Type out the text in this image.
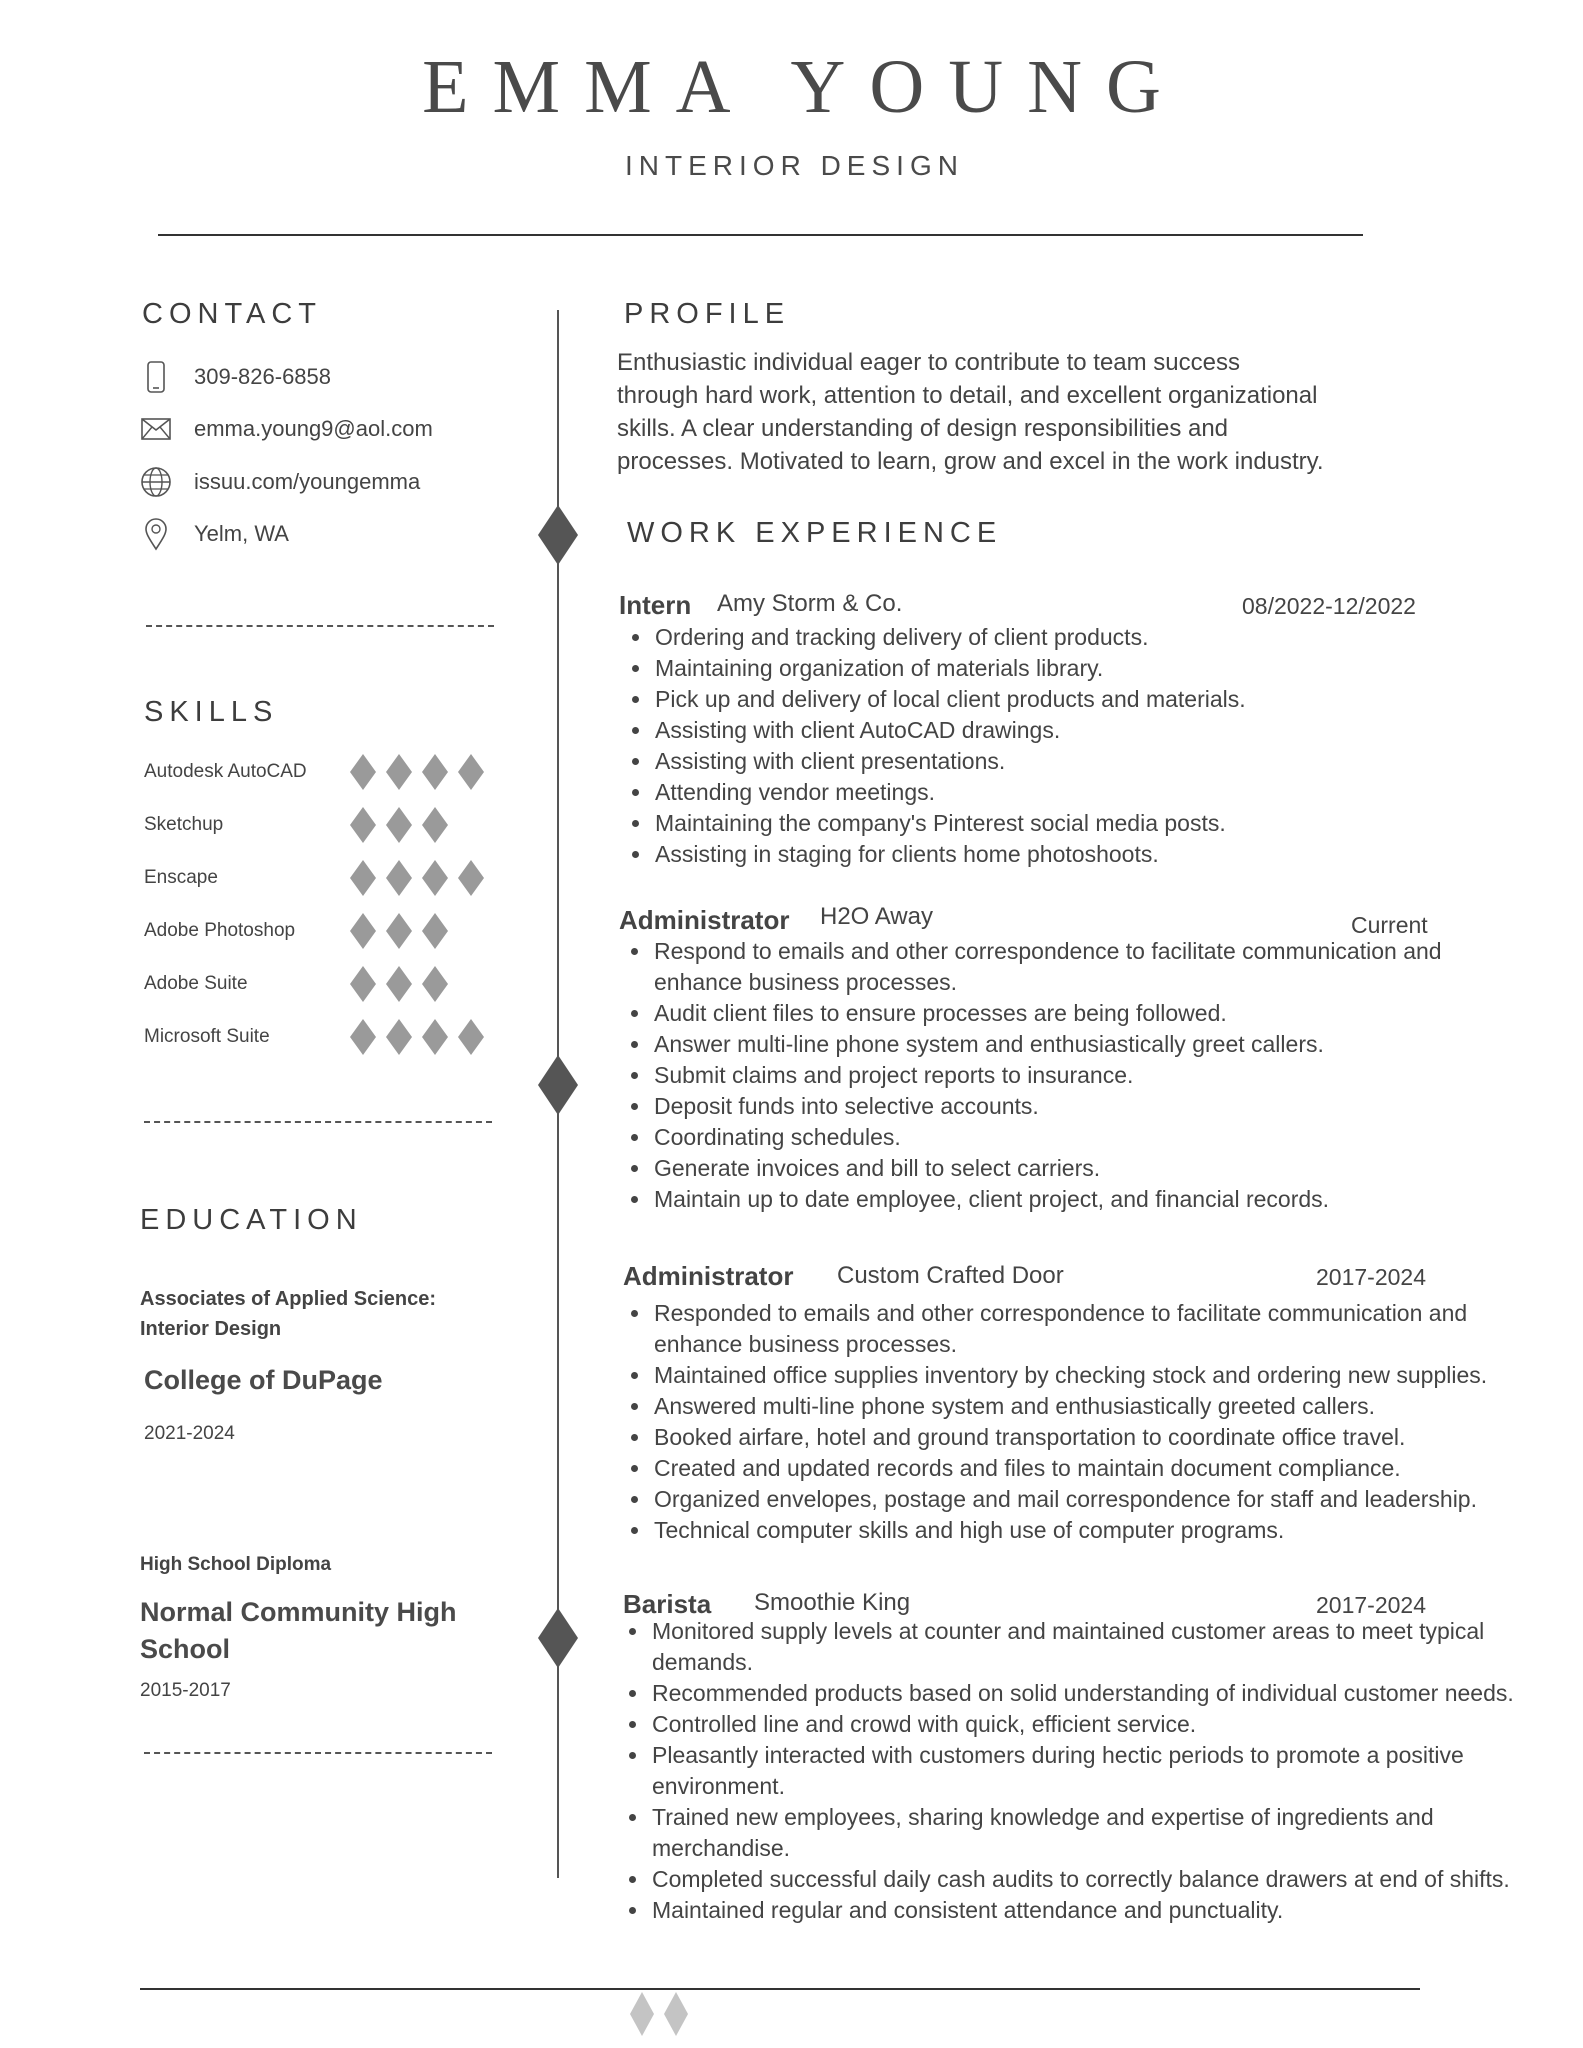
EMMA YOUNG
INTERIOR DESIGN
CONTACT
309-826-6858
emma.young9@aol.com
issuu.com/youngemma
Yelm, WA
SKILLS
Autodesk AutoCAD
Sketchup
Enscape
Adobe Photoshop
Adobe Suite
Microsoft Suite
EDUCATION
Associates of Applied Science:
Interior Design
College of DuPage
2021-2024
High School Diploma
Normal Community High
School
2015-2017
PROFILE
Enthusiastic individual eager to contribute to team success
through hard work, attention to detail, and excellent organizational
skills. A clear understanding of design responsibilities and
processes. Motivated to learn, grow and excel in the work industry.
WORK EXPERIENCE
Intern Amy Storm & Co.	08/2022-12/2022
• Ordering and tracking delivery of client products.
• Maintaining organization of materials library.
• Pick up and delivery of local client products and materials.
• Assisting with client AutoCAD drawings.
• Assisting with client presentations.
• Attending vendor meetings.
• Maintaining the company's Pinterest social media posts.
• Assisting in staging for clients home photoshoots.
Administrator H2O Away	Current
• Respond to emails and other correspondence to facilitate communication and enhance business processes.
• Audit client files to ensure processes are being followed.
• Answer multi-line phone system and enthusiastically greet callers.
• Submit claims and project reports to insurance.
• Deposit funds into selective accounts.
• Coordinating schedules.
• Generate invoices and bill to select carriers.
• Maintain up to date employee, client project, and financial records.
Administrator Custom Crafted Door	2017-2024
• Responded to emails and other correspondence to facilitate communication and enhance business processes.
• Maintained office supplies inventory by checking stock and ordering new supplies.
• Answered multi-line phone system and enthusiastically greeted callers.
• Booked airfare, hotel and ground transportation to coordinate office travel.
• Created and updated records and files to maintain document compliance.
• Organized envelopes, postage and mail correspondence for staff and leadership.
• Technical computer skills and high use of computer programs.
Barista Smoothie King	2017-2024
• Monitored supply levels at counter and maintained customer areas to meet typical demands.
• Recommended products based on solid understanding of individual customer needs.
• Controlled line and crowd with quick, efficient service.
• Pleasantly interacted with customers during hectic periods to promote a positive environment.
• Trained new employees, sharing knowledge and expertise of ingredients and merchandise.
• Completed successful daily cash audits to correctly balance drawers at end of shifts.
• Maintained regular and consistent attendance and punctuality.
